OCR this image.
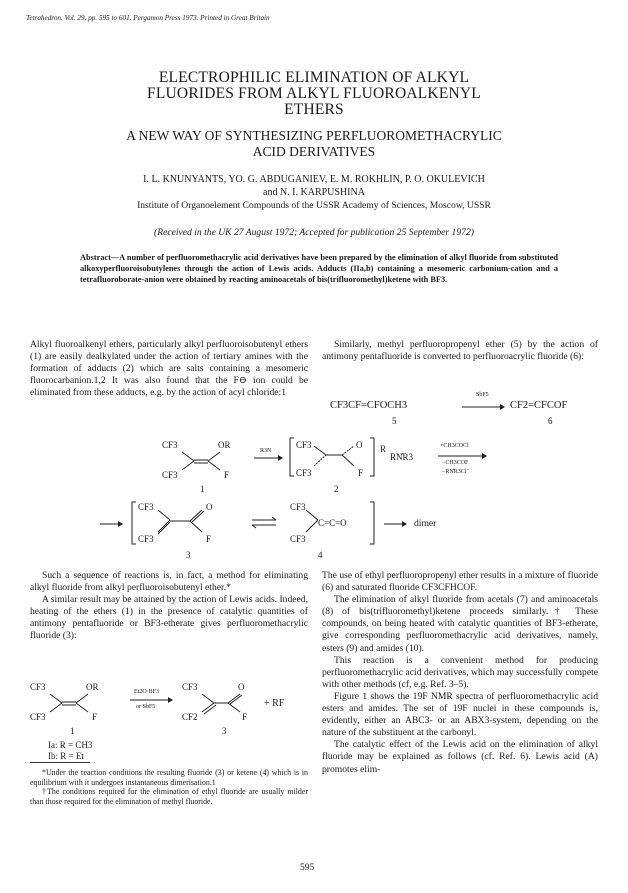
Tetrahedron. Vol. 29, pp. 595 to 601. Pergamon Press 1973. Printed in Great Britain
ELECTROPHILIC ELIMINATION OF ALKYL
FLUORIDES FROM ALKYL FLUOROALKENYL
ETHERS
A NEW WAY OF SYNTHESIZING PERFLUOROMETHACRYLIC
ACID DERIVATIVES
I. L. KNUNYANTS, YO. G. ABDUGANIEV, E. M. ROKHLIN, P. O. OKULEVICH
and N. I. KARPUSHINA
Institute of Organoelement Compounds of the USSR Academy of Sciences, Moscow, USSR
(Received in the UK 27 August 1972; Accepted for publication 25 September 1972)
Abstract—A number of perfluoromethacrylic acid derivatives have been prepared by the elimination of alkyl fluoride from substituted alkoxyperfluoroisobutylenes through the action of Lewis acids. Adducts (IIa,b) containing a mesomeric carbonium-cation and a tetrafluoroborate-anion were obtained by reacting aminoacetals of bis(trifluoromethyl)ketene with BF3.

Alkyl fluoroalkenyl ethers, particularly alkyl perfluoroisobutenyl ethers (1) are easily dealkylated under the action of tertiary amines with the formation of adducts (2) which are salts containing a mesomeric fluorocarbanion.1,2 It was also found that the F⊖ ion could be eliminated from these adducts, e.g. by the action of acyl chloride:1

Similarly, methyl perfluoropropenyl ether (5) by the action of antimony pentafluoride is converted to perfluoroacrylic fluoride (6):

CF3CF=CFOCH3
SbF5
CF2=CFCOF
5	6
CF3	OR
CF3	F
1
R3N
CF3	O
CF3	F
R
RN̊R3
2
+CH3COCl
−CH3COF
−RN̊R3Cl⁻
CF3	O
CF3	F
3
CF3
C=C=O
CF3
4
dimer

Such a sequence of reactions is, in fact, a method for eliminating alkyl fluoride from alkyl perfluoroisobutenyl ether.*

A similar result may be attained by the action of Lewis acids. Indeed, heating of the ethers (1) in the presence of catalytic quantities of antimony pentafluoride or BF3-etherate gives perfluoromethacrylic fluoride (3):

CF3	OR
CF3	F
1
Et2O·BF3
or SbF5
CF3	O
CF2	F
3
+ RF
Ia: R = CH3
Ib: R = Et

*Under the reaction conditions the resulting fluoride (3) or ketene (4) which is in equilibrium with it undergoes instantaneous dimerisation.1

†The conditions required for the elimination of ethyl fluoride are usually milder than those required for the elimination of methyl fluoride.

The use of ethyl perfluoropropenyl ether results in a mixture of fluoride (6) and saturated fluoride CF3CFHCOF.

The elimination of alkyl fluoride from acetals (7) and aminoacetals (8) of bis(trifluoromethyl)ketene proceeds similarly.† These compounds, on being heated with catalytic quantities of BF3-etherate, give corresponding perfluoromethacrylic acid derivatives, namely, esters (9) and amides (10).

This reaction is a convenient method for producing perfluoromethacrylic acid derivatives, which may successfully compete with other methods (cf, e.g. Ref. 3–5).

Figure 1 shows the 19F NMR spectra of perfluoromethacrylic acid esters and amides. The set of 19F nuclei in these compounds is, evidently, either an ABC3- or an ABX3-system, depending on the nature of the substituent at the carbonyl.

The catalytic effect of the Lewis acid on the elimination of alkyl fluoride may be explained as follows (cf. Ref. 6). Lewis acid (A) promotes elim-

595
